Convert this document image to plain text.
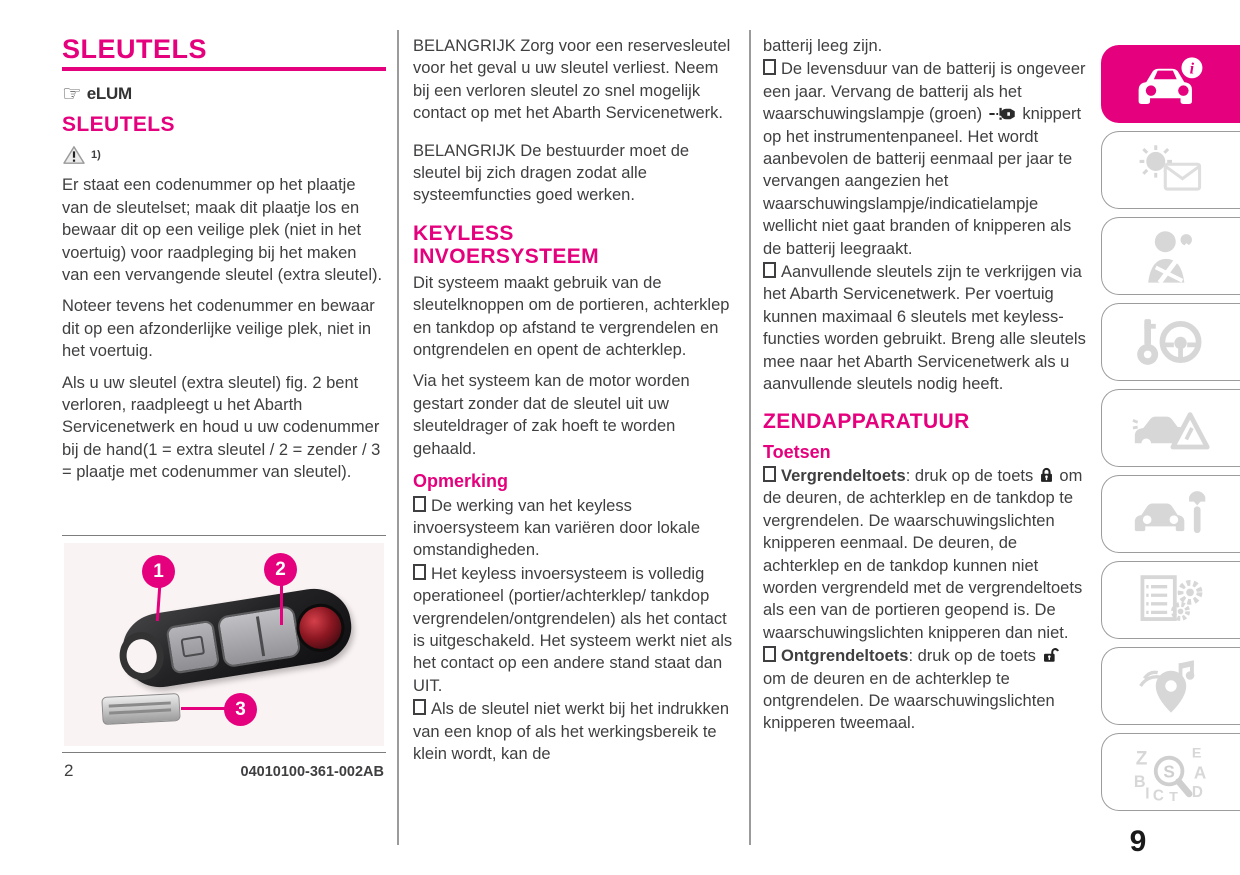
SLEUTELS
☞ eLUM
SLEUTELS
1)

Er staat een codenummer op het plaatje van de sleutelset; maak dit plaatje los en bewaar dit op een veilige plek (niet in het voertuig) voor raadpleging bij het maken van een vervangende sleutel (extra sleutel).

Noteer tevens het codenummer en bewaar dit op een afzonderlijke veilige plek, niet in het voertuig.

Als u uw sleutel (extra sleutel) fig. 2 bent verloren, raadpleegt u het Abarth Servicenetwerk en houd u uw codenummer bij de hand(1 = extra sleutel / 2 = zender / 3 = plaatje met codenummer van sleutel).

1	2
3
2	04010100-361-002AB

BELANGRIJK Zorg voor een reservesleutel voor het geval u uw sleutel verliest. Neem bij een verloren sleutel zo snel mogelijk contact op met het Abarth Servicenetwerk.

BELANGRIJK De bestuurder moet de sleutel bij zich dragen zodat alle systeemfuncties goed werken.

KEYLESS
INVOERSYSTEEM

Dit systeem maakt gebruik van de sleutelknoppen om de portieren, achterklep en tankdop op afstand te vergrendelen en ontgrendelen en opent de achterklep.

Via het systeem kan de motor worden gestart zonder dat de sleutel uit uw sleuteldrager of zak hoeft te worden gehaald.

Opmerking

De werking van het keyless invoersysteem kan variëren door lokale omstandigheden.

Het keyless invoersysteem is volledig operationeel (portier/achterklep/ tankdop vergrendelen/ontgrendelen) als het contact is uitgeschakeld. Het systeem werkt niet als het contact op een andere stand staat dan UIT.

Als de sleutel niet werkt bij het indrukken van een knop of als het werkingsbereik te klein wordt, kan de

batterij leeg zijn.

De levensduur van de batterij is ongeveer een jaar. Vervang de batterij als het waarschuwingslampje (groen) knippert op het instrumentenpaneel. Het wordt aanbevolen de batterij eenmaal per jaar te vervangen aangezien het waarschuwingslampje/indicatielampje wellicht niet gaat branden of knipperen als de batterij leegraakt.

Aanvullende sleutels zijn te verkrijgen via het Abarth Servicenetwerk. Per voertuig kunnen maximaal 6 sleutels met keyless-functies worden gebruikt. Breng alle sleutels mee naar het Abarth Servicenetwerk als u aanvullende sleutels nodig heeft.

ZENDAPPARATUUR
Toetsen

Vergrendeltoets: druk op de toets om de deuren, de achterklep en de tankdop te vergrendelen. De waarschuwingslichten knipperen eenmaal. De deuren, de achterklep en de tankdop kunnen niet worden vergrendeld met de vergrendeltoets als een van de portieren geopend is. De waarschuwingslichten knipperen dan niet.

Ontgrendeltoets: druk op de toets  om de deuren en de achterklep te ontgrendelen. De waarschuwingslichten knipperen tweemaal.

i
Z	E
B	A
I C D
T
S
9
